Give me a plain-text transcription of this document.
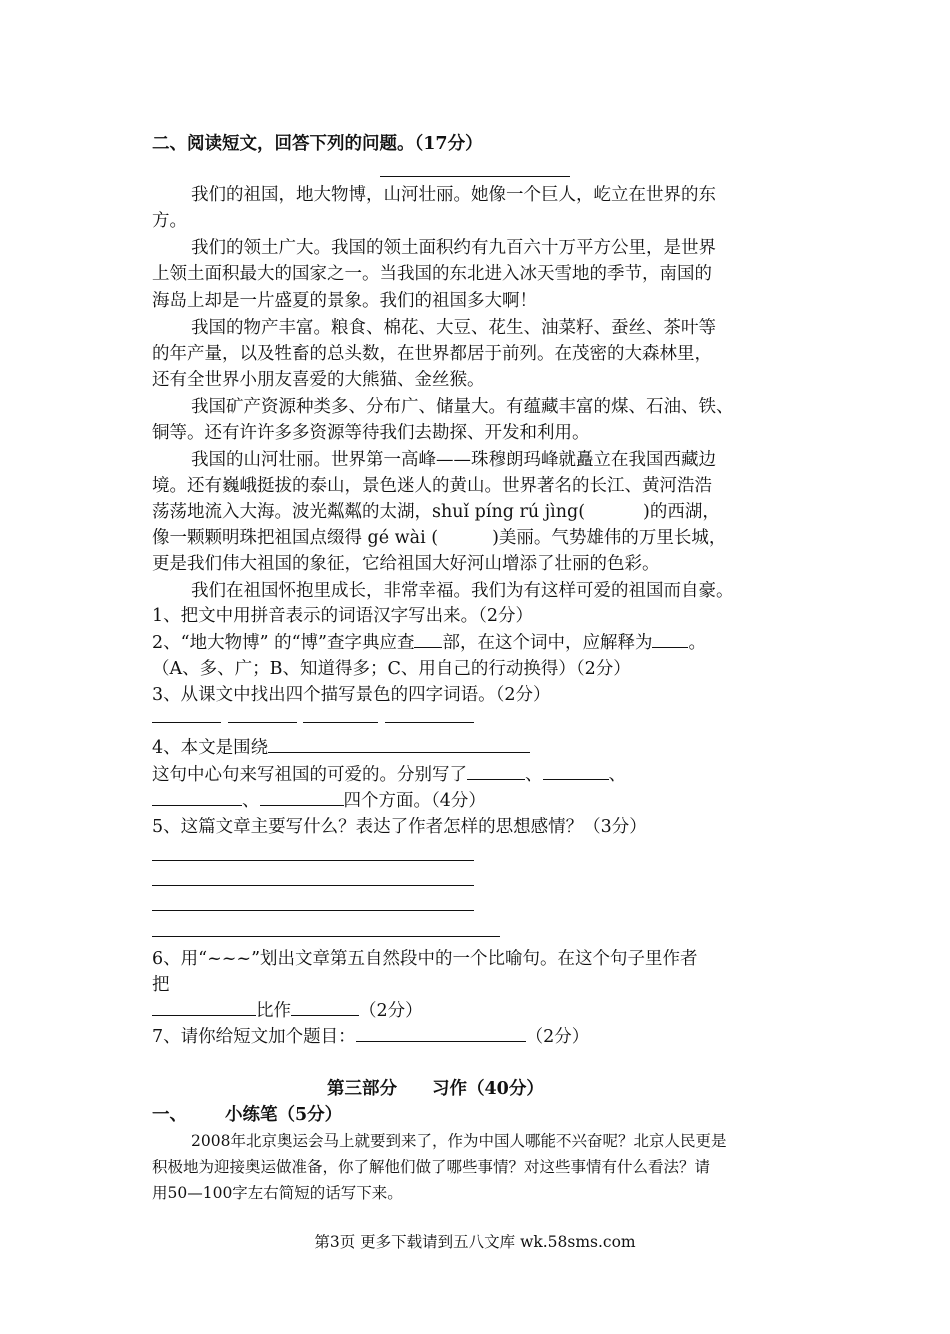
二、阅读短文，回答下列的问题。（17分）
我们的祖国，地大物博，山河壮丽。她像一个巨人，屹立在世界的东
方。
我们的领土广大。我国的领土面积约有九百六十万平方公里，是世界
上领土面积最大的国家之一。当我国的东北进入冰天雪地的季节，南国的
海岛上却是一片盛夏的景象。我们的祖国多大啊！
我国的物产丰富。粮食、棉花、大豆、花生、油菜籽、蚕丝、茶叶等
的年产量，以及牲畜的总头数，在世界都居于前列。在茂密的大森林里，
还有全世界小朋友喜爱的大熊猫、金丝猴。
我国矿产资源种类多、分布广、储量大。有蕴藏丰富的煤、石油、铁、
铜等。还有许许多多资源等待我们去勘探、开发和利用。
我国的山河壮丽。世界第一高峰——珠穆朗玛峰就矗立在我国西藏边
境。还有巍峨挺拔的泰山，景色迷人的黄山。世界著名的长江、黄河浩浩
荡荡地流入大海。波光粼粼的太湖，shuǐ píng rú jìng(	)的西湖，
像一颗颗明珠把祖国点缀得 gé wài (	)美丽。气势雄伟的万里长城，
更是我们伟大祖国的象征，它给祖国大好河山增添了壮丽的色彩。
我们在祖国怀抱里成长，非常幸福。我们为有这样可爱的祖国而自豪。
1、把文中用拼音表示的词语汉字写出来。（2分）
2、“地大物博” 的“博”查字典应查 部，在这个词中，应解释为 。
（A、多、广；B、知道得多；C、用自己的行动换得）（2分）
3、从课文中找出四个描写景色的四字词语。（2分）
4、本文是围绕
这句中心句来写祖国的可爱的。分别写了	、	、
、	四个方面。（4分）
5、这篇文章主要写什么？表达了作者怎样的思想感情？（3分）
6、用“~~~”划出文章第五自然段中的一个比喻句。在这个句子里作者
把
比作	（2分）
7、请你给短文加个题目：	（2分）
第三部分　　习作（40分）
一、 小练笔（5分）
2008年北京奥运会马上就要到来了，作为中国人哪能不兴奋呢？北京人民更是
积极地为迎接奥运做准备，你了解他们做了哪些事情？对这些事情有什么看法？请
用50—100字左右简短的话写下来。
第3页 更多下载请到五八文库 wk.58sms.com
